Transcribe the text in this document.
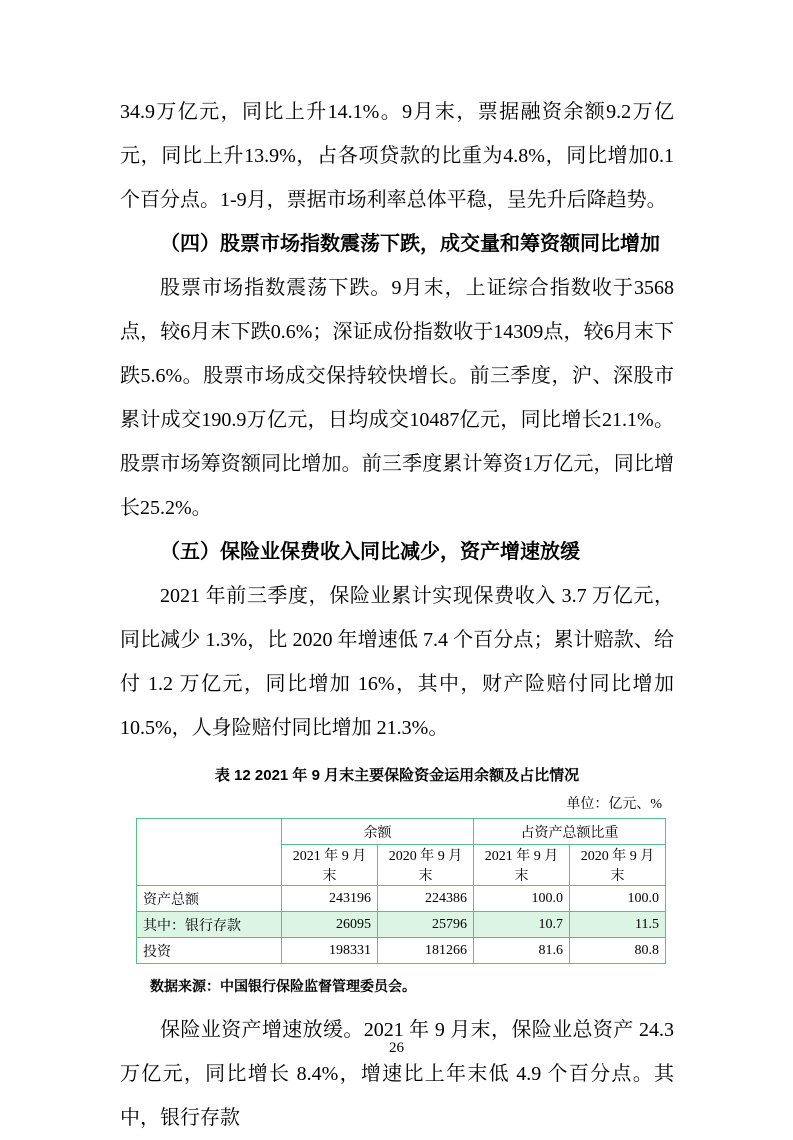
34.9万亿元，同比上升14.1%。9月末，票据融资余额9.2万亿元，同比上升13.9%，占各项贷款的比重为4.8%，同比增加0.1个百分点。1-9月，票据市场利率总体平稳，呈先升后降趋势。

（四）股票市场指数震荡下跌，成交量和筹资额同比增加

股票市场指数震荡下跌。9月末，上证综合指数收于3568点，较6月末下跌0.6%；深证成份指数收于14309点，较6月末下跌5.6%。股票市场成交保持较快增长。前三季度，沪、深股市累计成交190.9万亿元，日均成交10487亿元，同比增长21.1%。股票市场筹资额同比增加。前三季度累计筹资1万亿元，同比增长25.2%。

（五）保险业保费收入同比减少，资产增速放缓

2021 年前三季度，保险业累计实现保费收入 3.7 万亿元，同比减少 1.3%，比 2020 年增速低 7.4 个百分点；累计赔款、给付 1.2 万亿元，同比增加 16%，其中，财产险赔付同比增加 10.5%，人身险赔付同比增加 21.3%。

表 12 2021 年 9 月末主要保险资金运用余额及占比情况
单位：亿元、%
	余额		占资产总额比重	
	2021 年 9 月末	2020 年 9 月末	2021 年 9 月末	2020 年 9 月末
资产总额	243196	224386	100.0	100.0
其中：银行存款	26095	25796	10.7	11.5
投资	198331	181266	81.6	80.8
数据来源：中国银行保险监督管理委员会。

保险业资产增速放缓。2021 年 9 月末，保险业总资产 24.3 万亿元，同比增长 8.4%，增速比上年末低 4.9 个百分点。其中，银行存款

26
